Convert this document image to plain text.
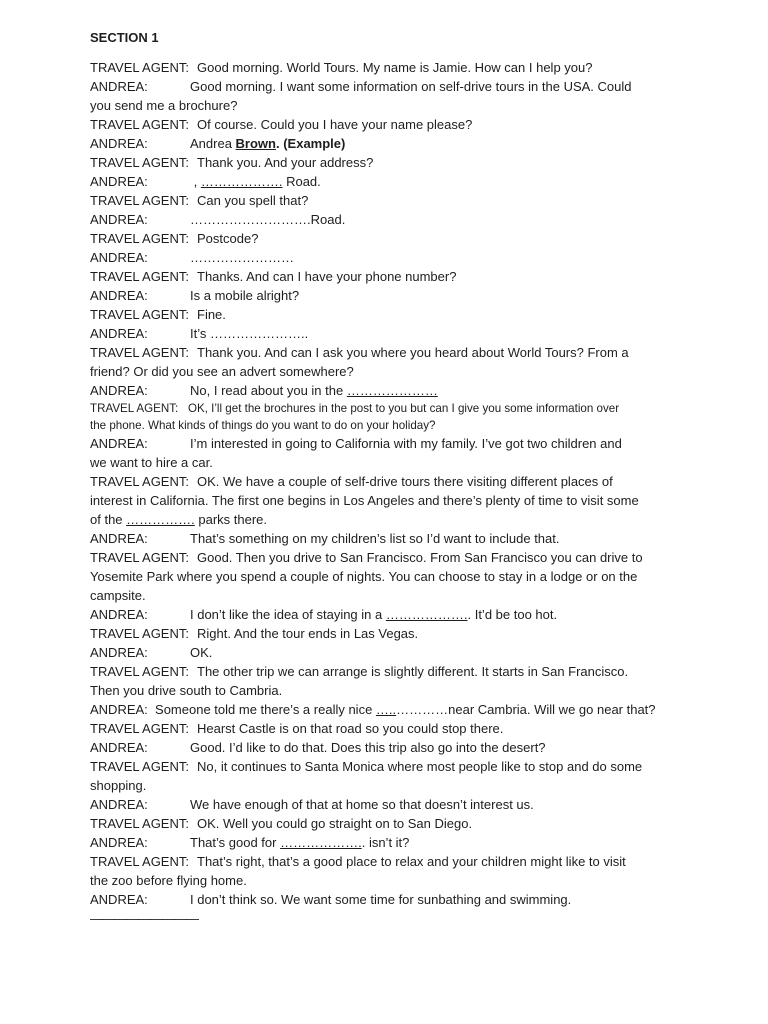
SECTION 1
TRAVEL AGENT: Good morning. World Tours. My name is Jamie. How can I help you?
ANDREA:	Good morning. I want some information on self-drive tours in the USA. Could
you send me a brochure?
TRAVEL AGENT: Of course. Could you I have your name please?
ANDREA:	Andrea Brown. (Example)
TRAVEL AGENT: Thank you. And your address?
ANDREA:	, ………………. Road.
TRAVEL AGENT: Can you spell that?
ANDREA:	……………………….Road.
TRAVEL AGENT: Postcode?
ANDREA:	……………………
TRAVEL AGENT: Thanks. And can I have your phone number?
ANDREA:	Is a mobile alright?
TRAVEL AGENT: Fine.
ANDREA:	It’s …………………..
TRAVEL AGENT: Thank you. And can I ask you where you heard about World Tours? From a
friend? Or did you see an advert somewhere?
ANDREA:	No, I read about you in the …………………
TRAVEL AGENT: OK, I’ll get the brochures in the post to you but can I give you some information over
the phone. What kinds of things do you want to do on your holiday?
ANDREA:	I’m interested in going to California with my family. I’ve got two children and
we want to hire a car.
TRAVEL AGENT: OK. We have a couple of self-drive tours there visiting different places of
interest in California. The first one begins in Los Angeles and there’s plenty of time to visit some
of the ……………. parks there.
ANDREA:	That’s something on my children’s list so I’d want to include that.
TRAVEL AGENT: Good. Then you drive to San Francisco. From San Francisco you can drive to
Yosemite Park where you spend a couple of nights. You can choose to stay in a lodge or on the
campsite.
ANDREA:	I don’t like the idea of staying in a ……………….. It’d be too hot.
TRAVEL AGENT: Right. And the tour ends in Las Vegas.
ANDREA:	OK.
TRAVEL AGENT: The other trip we can arrange is slightly different. It starts in San Francisco.
Then you drive south to Cambria.
ANDREA: Someone told me there’s a really nice …..…………near Cambria. Will we go near that?
TRAVEL AGENT: Hearst Castle is on that road so you could stop there.
ANDREA:	Good. I’d like to do that. Does this trip also go into the desert?
TRAVEL AGENT: No, it continues to Santa Monica where most people like to stop and do some
shopping.
ANDREA:	We have enough of that at home so that doesn’t interest us.
TRAVEL AGENT: OK. Well you could go straight on to San Diego.
ANDREA:	That’s good for ……………….. isn’t it?
TRAVEL AGENT: That’s right, that’s a good place to relax and your children might like to visit
the zoo before flying home.
ANDREA:	I don’t think so. We want some time for sunbathing and swimming.
—————————
